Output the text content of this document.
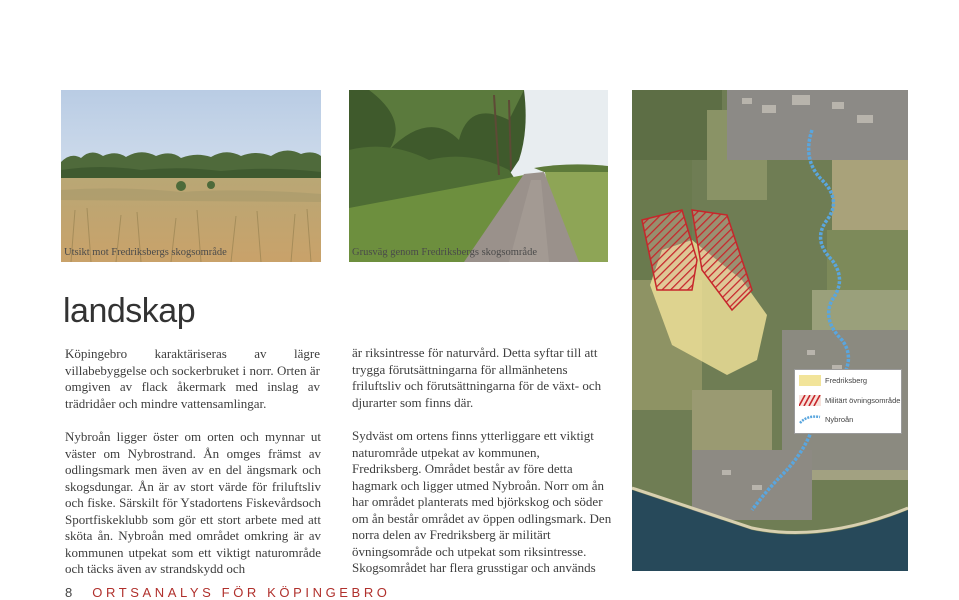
Utsikt mot Fredriksbergs skogsområde	Grusväg genom Fredriksbergs skogsområde
Fredriksberg
Militärt övningsområde
Nybroån
landskap

Köpingebro karaktäriseras av lägre villabebyggelse och sockerbruket i norr. Orten är omgiven av flack åkermark med inslag av trädridåer och mindre vattensamlingar.

Nybroån ligger öster om orten och mynnar ut väster om Nybrostrand. Ån omges främst av odlingsmark men även av en del ängsmark och skogsdungar. Ån är av stort värde för friluftsliv och fiske. Särskilt för Ystadortens Fiskevårdsoch Sportfiskeklubb som gör ett stort arbete med att sköta ån. Nybroån med området omkring är av kommunen utpekat som ett viktigt naturområde och täcks även av strandskydd och

är riksintresse för naturvård. Detta syftar till att trygga förutsättningarna för allmänhetens friluftsliv och förutsättningarna för de växt- och djurarter som finns där.

Sydväst om ortens finns ytterliggare ett viktigt naturområde utpekat av kommunen, Fredriksberg. Området består av före detta hagmark och ligger utmed Nybroån. Norr om ån har området planterats med björkskog och söder om ån består området av öppen odlingsmark. Den norra delen av Fredriksberg är militärt övningsområde och utpekat som riksintresse. Skogsområdet har flera grusstigar och används

8 ORTSANALYS FÖR KÖPINGEBRO
